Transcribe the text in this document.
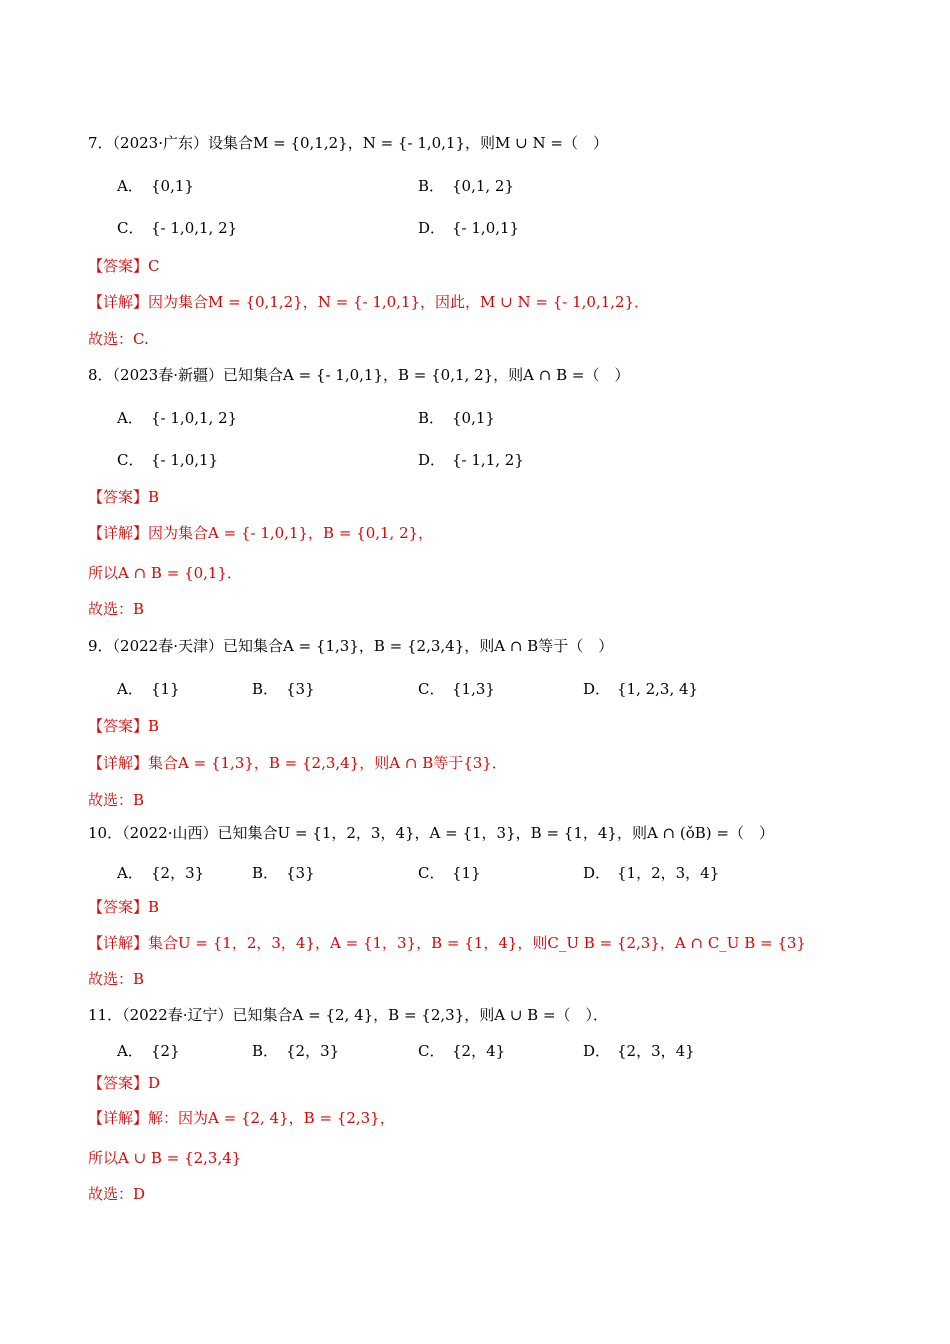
7．（2023·广东）设集合M = {0,1,2}，N = {- 1,0,1}，则M ∪ N =（　）
A． {0,1}	B． {0,1, 2}
C． {- 1,0,1, 2}	D． {- 1,0,1}
【答案】C
【详解】因为集合M = {0,1,2}，N = {- 1,0,1}，因此，M ∪ N = {- 1,0,1,2}．
故选：C.
8．（2023春·新疆）已知集合A = {- 1,0,1}，B = {0,1, 2}，则A ∩ B =（　）
A． {- 1,0,1, 2}	B． {0,1}
C． {- 1,0,1}	D． {- 1,1, 2}
【答案】B
【详解】因为集合A = {- 1,0,1}，B = {0,1, 2}，
所以A ∩ B = {0,1}．
故选：B
9．（2022春·天津）已知集合A = {1,3}，B = {2,3,4}，则A ∩ B等于（　）
A． {1}	B． {3}	C． {1,3}	D． {1, 2,3, 4}
【答案】B
【详解】集合A = {1,3}，B = {2,3,4}，则A ∩ B等于{3}．
故选：B
10．（2022·山西）已知集合U = {1，2，3，4}，A = {1，3}，B = {1，4}，则A ∩ (ǒB) =（　）
A． {2，3}	B． {3}	C． {1}	D． {1，2，3，4}
【答案】B
【详解】集合U = {1，2，3，4}，A = {1，3}，B = {1，4}，则C_U B = {2,3}，A ∩ C_U B = {3}
故选：B
11．（2022春·辽宁）已知集合A = {2, 4}，B = {2,3}，则A ∪ B =（　）．
A． {2}	B． {2，3}	C． {2，4}	D． {2，3，4}
【答案】D
【详解】解：因为A = {2, 4}，B = {2,3}，
所以A ∪ B = {2,3,4}
故选：D
